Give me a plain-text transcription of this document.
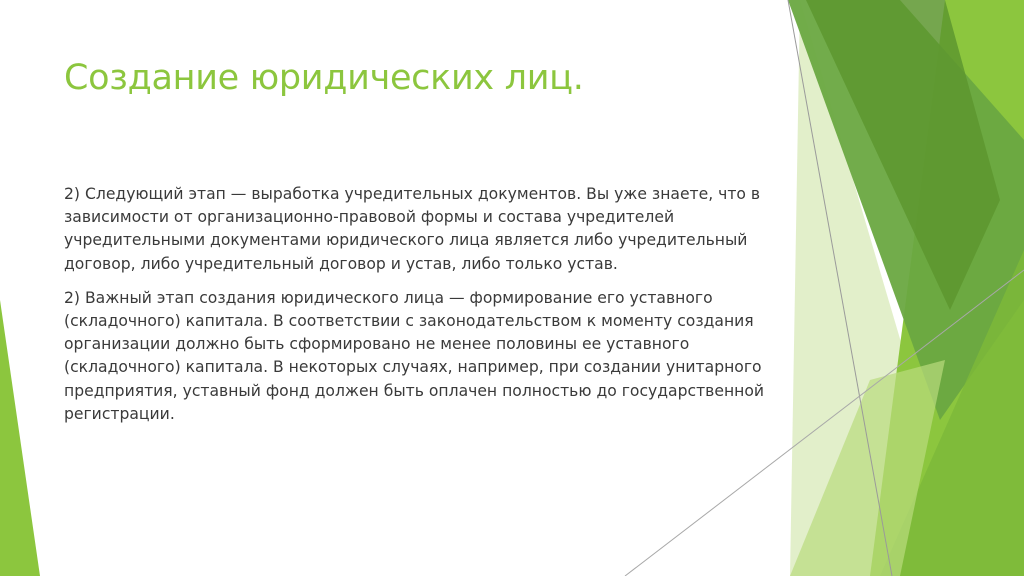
Создание юридических лиц.

2) Следующий этап — выработка учредительных документов. Вы уже знаете, что в зависимости от организационно-правовой формы и состава учредителей учредительными документами юридического лица является либо учредительный договор, либо учредительный договор и устав, либо только устав.

2) Важный этап создания юридического лица — формирование его уставного (складочного) капитала. В соответствии с законодательством к моменту создания организации должно быть сформировано не менее половины ее уставного (складочного) капитала. В некоторых случаях, например, при создании унитарного предприятия, уставный фонд должен быть оплачен полностью до государственной регистрации.
